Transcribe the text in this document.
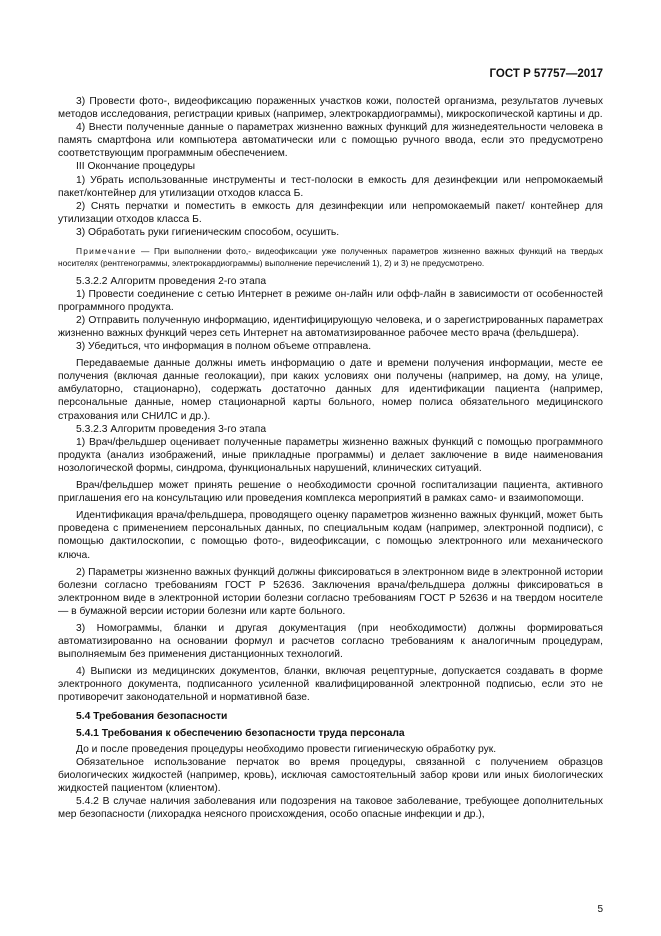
ГОСТ Р 57757—2017

3) Провести фото-, видеофиксацию пораженных участков кожи, полостей организма, результатов лучевых методов исследования, регистрации кривых (например, электрокардиограммы), микроскопической картины и др.

4) Внести полученные данные о параметрах жизненно важных функций для жизнедеятельности человека в память смартфона или компьютера автоматически или с помощью ручного ввода, если это предусмотрено соответствующим программным обеспечением.

III Окончание процедуры

1) Убрать использованные инструменты и тест-полоски в емкость для дезинфекции или непромокаемый пакет/контейнер для утилизации отходов класса Б.

2) Снять перчатки и поместить в емкость для дезинфекции или непромокаемый пакет/ контейнер для утилизации отходов класса Б.

3) Обработать руки гигиеническим способом, осушить.

Примечание — При выполнении фото,- видеофиксации уже полученных параметров жизненно важных функций на твердых носителях (рентгенограммы, электрокардиограммы) выполнение перечислений 1), 2) и 3) не предусмотрено.

5.3.2.2 Алгоритм проведения 2-го этапа

1) Провести соединение с сетью Интернет в режиме он-лайн или офф-лайн в зависимости от особенностей программного продукта.

2) Отправить полученную информацию, идентифицирующую человека, и о зарегистрированных параметрах жизненно важных функций через сеть Интернет на автоматизированное рабочее место врача (фельдшера).

3) Убедиться, что информация в полном объеме отправлена.

Передаваемые данные должны иметь информацию о дате и времени получения информации, месте ее получения (включая данные геолокации), при каких условиях они получены (например, на дому, на улице, амбулаторно, стационарно), содержать достаточно данных для идентификации пациента (например, персональные данные, номер стационарной карты больного, номер полиса обязательного медицинского страхования или СНИЛС и др.).

5.3.2.3 Алгоритм проведения 3-го этапа

1) Врач/фельдшер оценивает полученные параметры жизненно важных функций с помощью программного продукта (анализ изображений, иные прикладные программы) и делает заключение в виде наименования нозологической формы, синдрома, функциональных нарушений, клинических ситуаций.

Врач/фельдшер может принять решение о необходимости срочной госпитализации пациента, активного приглашения его на консультацию или проведения комплекса мероприятий в рамках само- и взаимопомощи.

Идентификация врача/фельдшера, проводящего оценку параметров жизненно важных функций, может быть проведена с применением персональных данных, по специальным кодам (например, электронной подписи), с помощью дактилоскопии, с помощью фото-, видеофиксации, с помощью электронного или механического ключа.

2) Параметры жизненно важных функций должны фиксироваться в электронном виде в электронной истории болезни согласно требованиям ГОСТ Р 52636. Заключения врача/фельдшера должны фиксироваться в электронном виде в электронной истории болезни согласно требованиям ГОСТ Р 52636 и на твердом носителе — в бумажной версии истории болезни или карте больного.

3) Номограммы, бланки и другая документация (при необходимости) должны формироваться автоматизированно на основании формул и расчетов согласно требованиям к аналогичным процедурам, выполняемым без применения дистанционных технологий.

4) Выписки из медицинских документов, бланки, включая рецептурные, допускается создавать в форме электронного документа, подписанного усиленной квалифицированной электронной подписью, если это не противоречит законодательной и нормативной базе.

5.4 Требования безопасности
5.4.1 Требования к обеспечению безопасности труда персонала

До и после проведения процедуры необходимо провести гигиеническую обработку рук.

Обязательное использование перчаток во время процедуры, связанной с получением образцов биологических жидкостей (например, кровь), исключая самостоятельный забор крови или иных биологических жидкостей пациентом (клиентом).

5.4.2 В случае наличия заболевания или подозрения на таковое заболевание, требующее дополнительных мер безопасности (лихорадка неясного происхождения, особо опасные инфекции и др.),

5
